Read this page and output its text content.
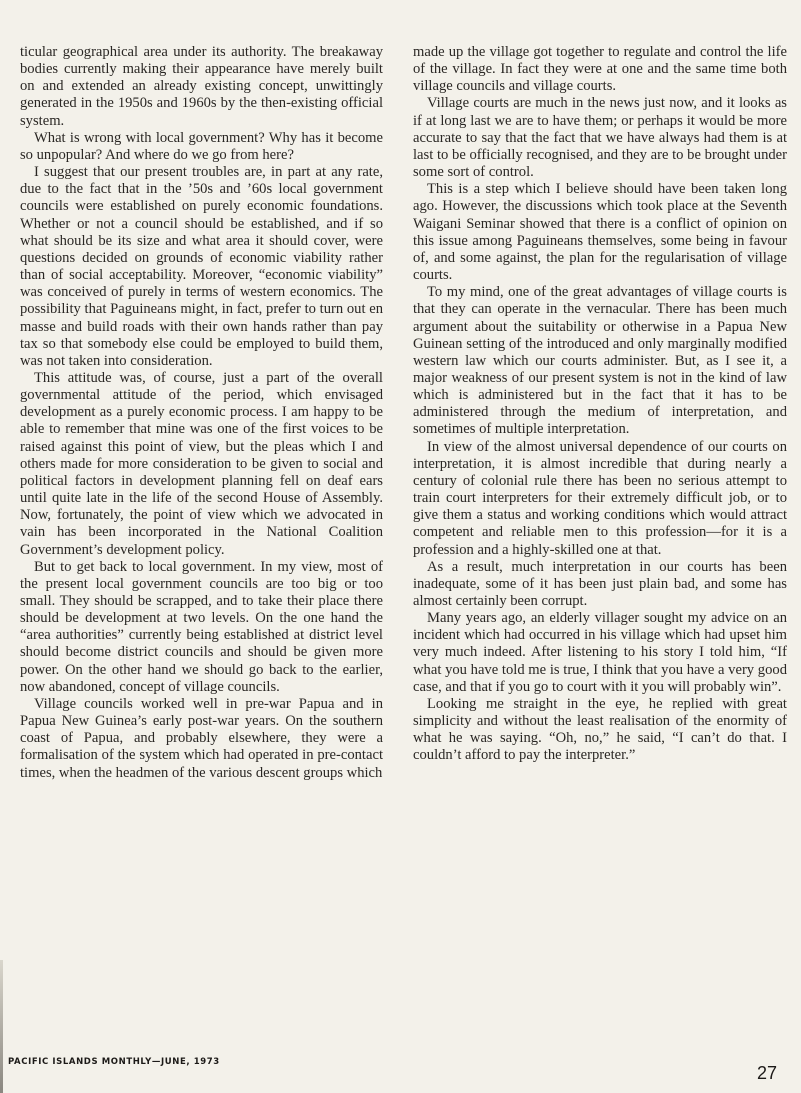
ticular geographical area under its authority. The breakaway bodies currently making their appearance have merely built on and extended an already existing concept, unwittingly generated in the 1950s and 1960s by the then-existing official system.

What is wrong with local government? Why has it become so unpopular? And where do we go from here?

I suggest that our present troubles are, in part at any rate, due to the fact that in the ’50s and ’60s local government councils were established on purely economic foundations. Whether or not a council should be established, and if so what should be its size and what area it should cover, were questions decided on grounds of economic viability rather than of social acceptability. Moreover, “economic viability” was conceived of purely in terms of western economics. The possibility that Paguineans might, in fact, prefer to turn out en masse and build roads with their own hands rather than pay tax so that somebody else could be employed to build them, was not taken into consideration.

This attitude was, of course, just a part of the overall governmental attitude of the period, which envisaged development as a purely economic process. I am happy to be able to remember that mine was one of the first voices to be raised against this point of view, but the pleas which I and others made for more consideration to be given to social and political factors in development planning fell on deaf ears until quite late in the life of the second House of Assembly. Now, fortunately, the point of view which we advocated in vain has been incorporated in the National Coalition Government’s development policy.

But to get back to local government. In my view, most of the present local government councils are too big or too small. They should be scrapped, and to take their place there should be development at two levels. On the one hand the “area authorities” currently being established at district level should become district councils and should be given more power. On the other hand we should go back to the earlier, now abandoned, concept of village councils.

Village councils worked well in pre-war Papua and in Papua New Guinea’s early post-war years. On the southern coast of Papua, and probably elsewhere, they were a formalisation of the system which had operated in pre-contact times, when the headmen of the various descent groups which

made up the village got together to regulate and control the life of the village. In fact they were at one and the same time both village councils and village courts.

Village courts are much in the news just now, and it looks as if at long last we are to have them; or perhaps it would be more accurate to say that the fact that we have always had them is at last to be officially recognised, and they are to be brought under some sort of control.

This is a step which I believe should have been taken long ago. However, the discussions which took place at the Seventh Waigani Seminar showed that there is a conflict of opinion on this issue among Paguineans themselves, some being in favour of, and some against, the plan for the regularisation of village courts.

To my mind, one of the great advantages of village courts is that they can operate in the vernacular. There has been much argument about the suitability or otherwise in a Papua New Guinean setting of the introduced and only marginally modified western law which our courts administer. But, as I see it, a major weakness of our present system is not in the kind of law which is administered but in the fact that it has to be administered through the medium of interpretation, and sometimes of multiple interpretation.

In view of the almost universal dependence of our courts on interpretation, it is almost incredible that during nearly a century of colonial rule there has been no serious attempt to train court interpreters for their extremely difficult job, or to give them a status and working conditions which would attract competent and reliable men to this profession—for it is a profession and a highly-skilled one at that.

As a result, much interpretation in our courts has been inadequate, some of it has been just plain bad, and some has almost certainly been corrupt.

Many years ago, an elderly villager sought my advice on an incident which had occurred in his village which had upset him very much indeed. After listening to his story I told him, “If what you have told me is true, I think that you have a very good case, and that if you go to court with it you will probably win”.

Looking me straight in the eye, he replied with great simplicity and without the least realisation of the enormity of what he was saying. “Oh, no,” he said, “I can’t do that. I couldn’t afford to pay the interpreter.”

PACIFIC ISLANDS MONTHLY—JUNE, 1973
27
